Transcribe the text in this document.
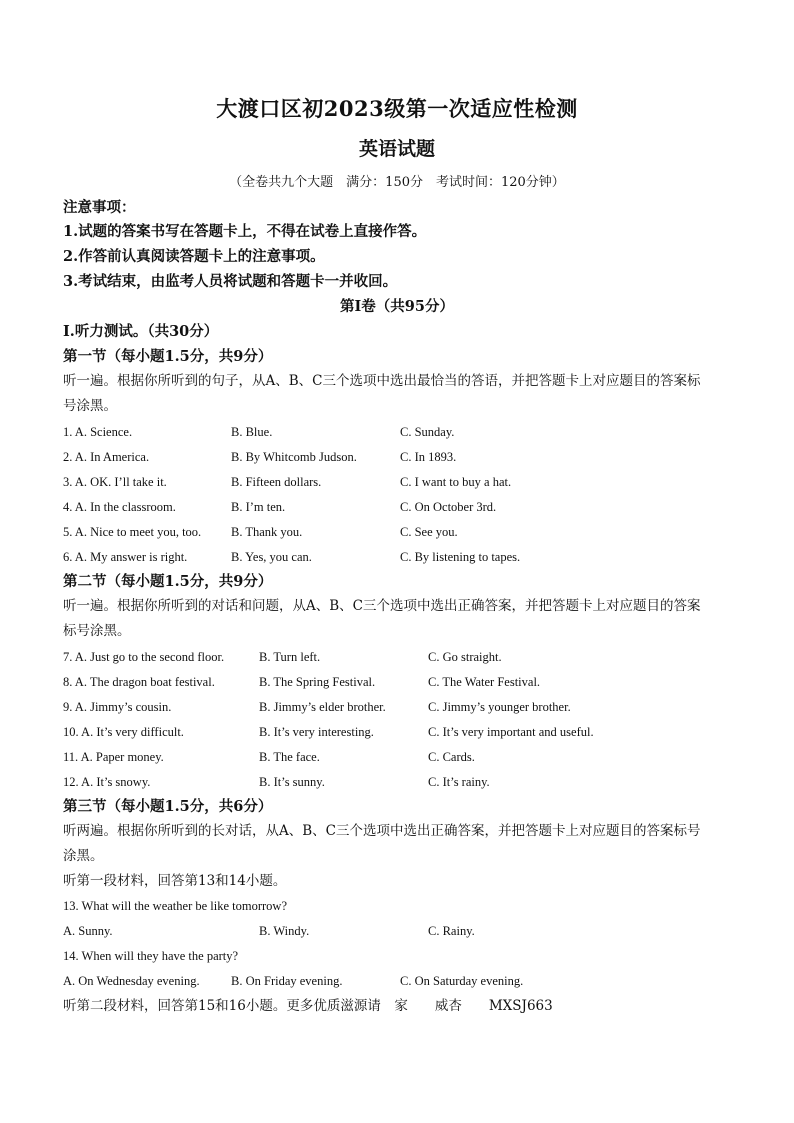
大渡口区初2023级第一次适应性检测
英语试题
（全卷共九个大题　满分：150分　考试时间：120分钟）
注意事项：
1.试题的答案书写在答题卡上，不得在试卷上直接作答。
2.作答前认真阅读答题卡上的注意事项。
3.考试结束，由监考人员将试题和答题卡一并收回。
第Ⅰ卷（共95分）
I.听力测试。（共30分）
第一节（每小题1.5分，共9分）
听一遍。根据你所听到的句子，从A、B、C三个选项中选出最恰当的答语，并把答题卡上对应题目的答案标
号涂黑。
1. A. Science.	B. Blue.	C. Sunday.
2. A. In America.	B. By Whitcomb Judson.	C. In 1893.
3. A. OK. I’ll take it.	B. Fifteen dollars.	C. I want to buy a hat.
4. A. In the classroom.	B. I’m ten.	C. On October 3rd.
5. A. Nice to meet you, too. B. Thank you.	C. See you.
6. A. My answer is right.	B. Yes, you can.	C. By listening to tapes.
第二节（每小题1.5分，共9分）
听一遍。根据你所听到的对话和问题，从A、B、C三个选项中选出正确答案，并把答题卡上对应题目的答案
标号涂黑。
7. A. Just go to the second floor.	B. Turn left.	C. Go straight.
8. A. The dragon boat festival.	B. The Spring Festival.	C. The Water Festival.
9. A. Jimmy’s cousin.	B. Jimmy’s elder brother.	C. Jimmy’s younger brother.
10. A. It’s very difficult.	B. It’s very interesting.	C. It’s very important and useful.
11. A. Paper money.	B. The face.	C. Cards.
12. A. It’s snowy.	B. It’s sunny.	C. It’s rainy.
第三节（每小题1.5分，共6分）
听两遍。根据你所听到的长对话，从A、B、C三个选项中选出正确答案，并把答题卡上对应题目的答案标号
涂黑。
听第一段材料，回答第13和14小题。
13. What will the weather be like tomorrow?
A. Sunny.	B. Windy.	C. Rainy.
14. When will they have the party?
A. On Wednesday evening.	B. On Friday evening.	C. On Saturday evening.
听第二段材料，回答第15和16小题。更多优质滋源请　家　　威杏　　MXSJ663
